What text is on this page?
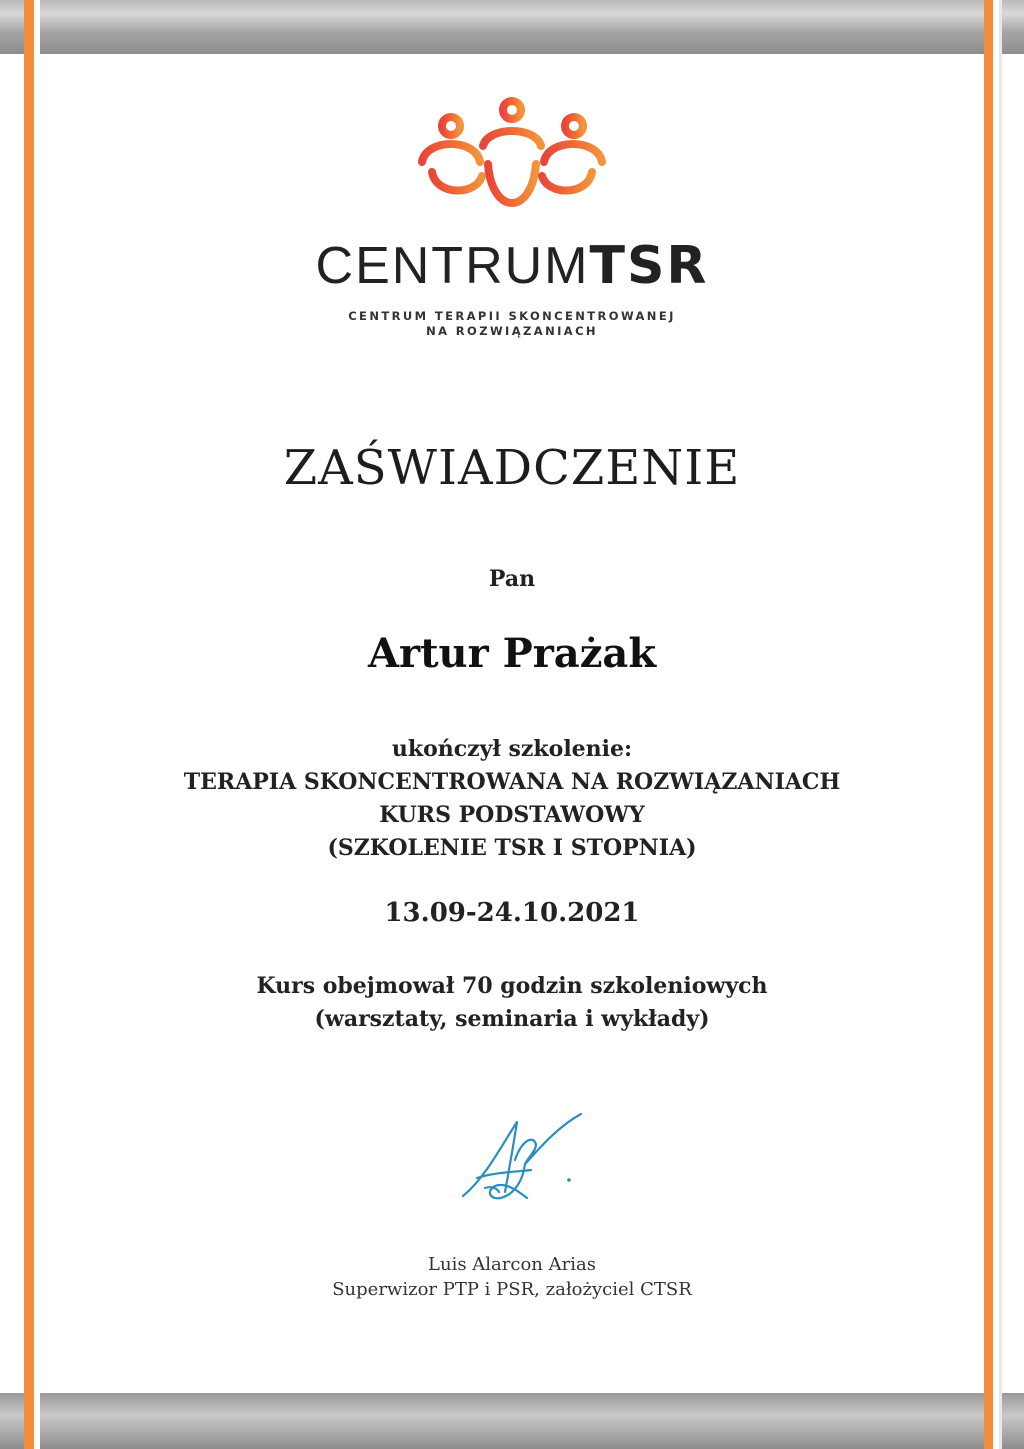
CENTRUMTSR
CENTRUM TERAPII SKONCENTROWANEJ
NA ROZWIĄZANIACH
ZAŚWIADCZENIE
Pan
Artur Prażak
ukończył szkolenie:
TERAPIA SKONCENTROWANA NA ROZWIĄZANIACH
KURS PODSTAWOWY
(SZKOLENIE TSR I STOPNIA)
13.09-24.10.2021
Kurs obejmował 70 godzin szkoleniowych
(warsztaty, seminaria i wykłady)
Luis Alarcon Arias
Superwizor PTP i PSR, założyciel CTSR
